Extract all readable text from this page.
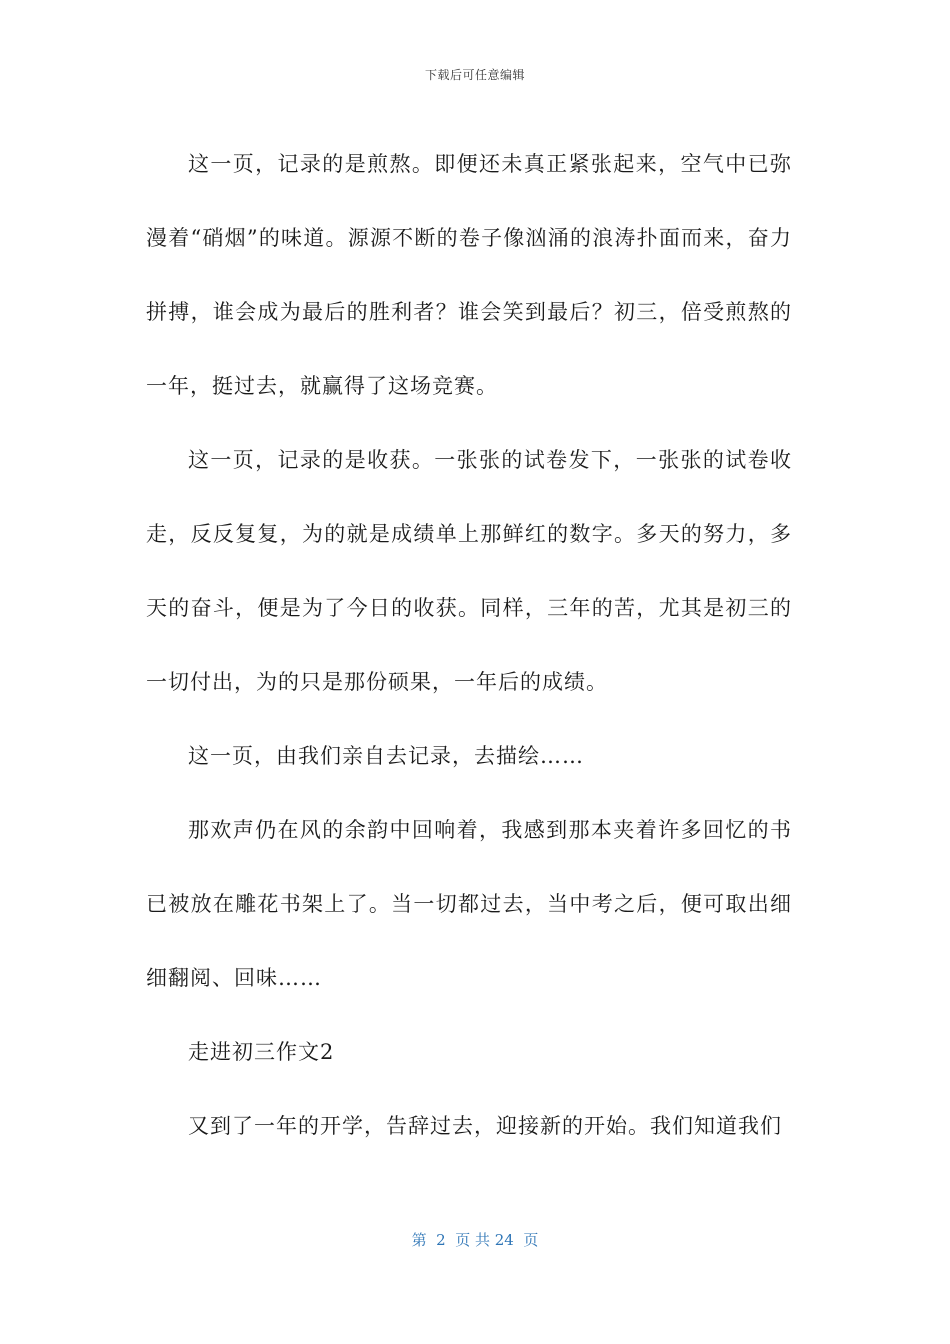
下载后可任意编辑

这一页，记录的是煎熬。即便还未真正紧张起来，空气中已弥漫着“硝烟”的味道。源源不断的卷子像汹涌的浪涛扑面而来，奋力拼搏，谁会成为最后的胜利者？谁会笑到最后？初三，倍受煎熬的一年，挺过去，就赢得了这场竞赛。

这一页，记录的是收获。一张张的试卷发下，一张张的试卷收走，反反复复，为的就是成绩单上那鲜红的数字。多天的努力，多天的奋斗，便是为了今日的收获。同样，三年的苦，尤其是初三的一切付出，为的只是那份硕果，一年后的成绩。

这一页，由我们亲自去记录，去描绘……

那欢声仍在风的余韵中回响着，我感到那本夹着许多回忆的书已被放在雕花书架上了。当一切都过去，当中考之后，便可取出细细翻阅、回味……

走进初三作文2

又到了一年的开学，告辞过去，迎接新的开始。我们知道我们

第  2  页 共 24  页
